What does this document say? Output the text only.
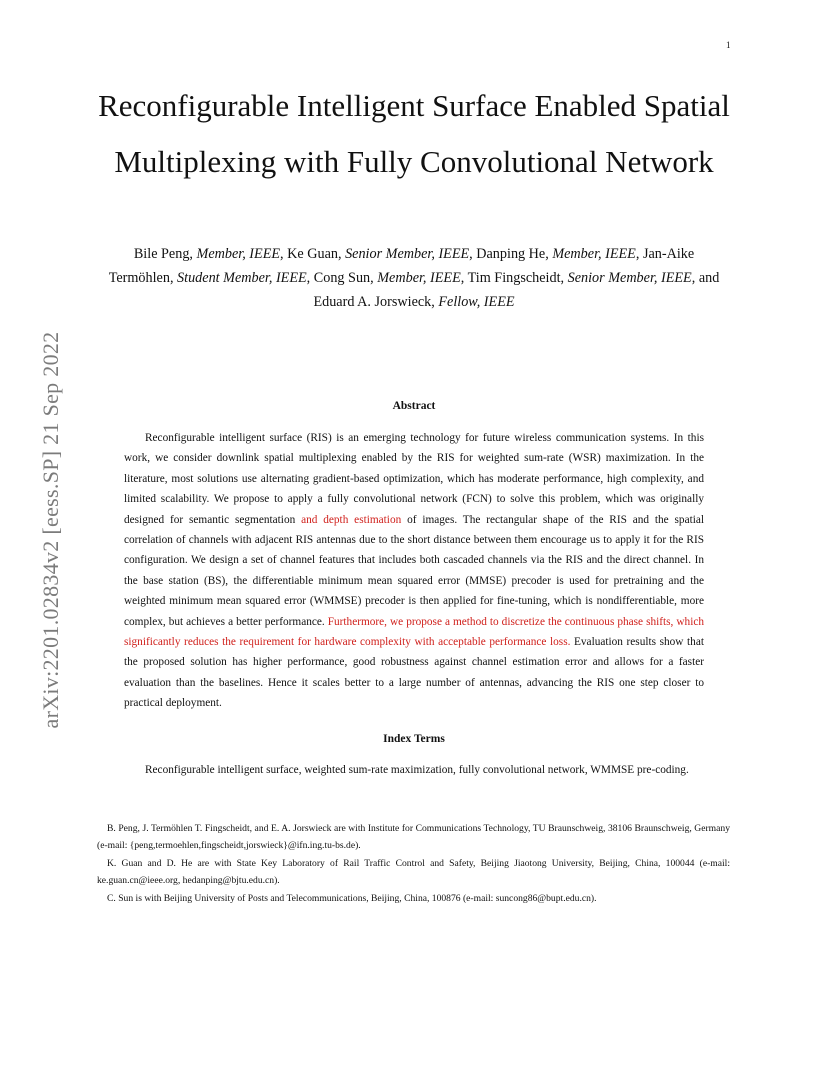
1
arXiv:2201.02834v2 [eess.SP] 21 Sep 2022
Reconfigurable Intelligent Surface Enabled Spatial Multiplexing with Fully Convolutional Network
Bile Peng, Member, IEEE, Ke Guan, Senior Member, IEEE, Danping He, Member, IEEE, Jan-Aike Termöhlen, Student Member, IEEE, Cong Sun, Member, IEEE, Tim Fingscheidt, Senior Member, IEEE, and Eduard A. Jorswieck, Fellow, IEEE
Abstract

Reconfigurable intelligent surface (RIS) is an emerging technology for future wireless communication systems. In this work, we consider downlink spatial multiplexing enabled by the RIS for weighted sum-rate (WSR) maximization. In the literature, most solutions use alternating gradient-based optimization, which has moderate performance, high complexity, and limited scalability. We propose to apply a fully convolutional network (FCN) to solve this problem, which was originally designed for semantic segmentation and depth estimation of images. The rectangular shape of the RIS and the spatial correlation of channels with adjacent RIS antennas due to the short distance between them encourage us to apply it for the RIS configuration. We design a set of channel features that includes both cascaded channels via the RIS and the direct channel. In the base station (BS), the differentiable minimum mean squared error (MMSE) precoder is used for pretraining and the weighted minimum mean squared error (WMMSE) precoder is then applied for fine-tuning, which is nondifferentiable, more complex, but achieves a better performance. Furthermore, we propose a method to discretize the continuous phase shifts, which significantly reduces the requirement for hardware complexity with acceptable performance loss. Evaluation results show that the proposed solution has higher performance, good robustness against channel estimation error and allows for a faster evaluation than the baselines. Hence it scales better to a large number of antennas, advancing the RIS one step closer to practical deployment.

Index Terms

Reconfigurable intelligent surface, weighted sum-rate maximization, fully convolutional network, WMMSE pre-coding.

B. Peng, J. Termöhlen T. Fingscheidt, and E. A. Jorswieck are with Institute for Communications Technology, TU Braunschweig, 38106 Braunschweig, Germany (e-mail: {peng,termoehlen,fingscheidt,jorswieck}@ifn.ing.tu-bs.de).

K. Guan and D. He are with State Key Laboratory of Rail Traffic Control and Safety, Beijing Jiaotong University, Beijing, China, 100044 (e-mail: ke.guan.cn@ieee.org, hedanping@bjtu.edu.cn).

C. Sun is with Beijing University of Posts and Telecommunications, Beijing, China, 100876 (e-mail: suncong86@bupt.edu.cn).
